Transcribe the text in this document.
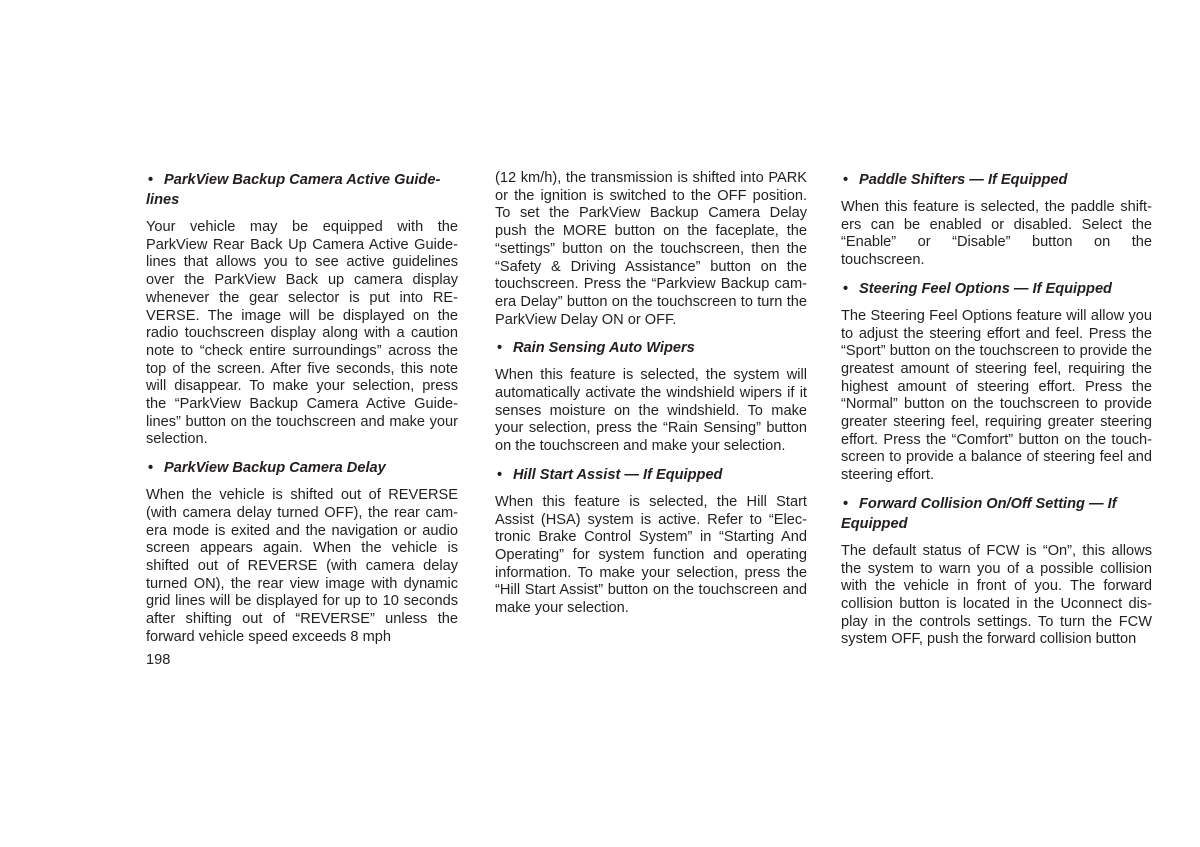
• ParkView Backup Camera Active Guidelines
Your vehicle may be equipped with the ParkView Rear Back Up Camera Active Guidelines that allows you to see active guidelines over the ParkView Back up camera display whenever the gear selector is put into REVERSE. The image will be displayed on the radio touchscreen display along with a caution note to “check entire surroundings” across the top of the screen. After five seconds, this note will disappear. To make your selection, press the “ParkView Backup Camera Active Guidelines” button on the touchscreen and make your selection.
• ParkView Backup Camera Delay
When the vehicle is shifted out of REVERSE (with camera delay turned OFF), the rear camera mode is exited and the navigation or audio screen appears again. When the vehicle is shifted out of REVERSE (with camera delay turned ON), the rear view image with dynamic grid lines will be displayed for up to 10 seconds after shifting out of “REVERSE” unless the forward vehicle speed exceeds 8 mph
(12 km/h), the transmission is shifted into PARK or the ignition is switched to the OFF position. To set the ParkView Backup Camera Delay push the MORE button on the faceplate, the “settings” button on the touchscreen, then the “Safety & Driving Assistance” button on the touchscreen. Press the “Parkview Backup camera Delay” button on the touchscreen to turn the ParkView Delay ON or OFF.
• Rain Sensing Auto Wipers
When this feature is selected, the system will automatically activate the windshield wipers if it senses moisture on the windshield. To make your selection, press the “Rain Sensing” button on the touchscreen and make your selection.
• Hill Start Assist — If Equipped
When this feature is selected, the Hill Start Assist (HSA) system is active. Refer to “Electronic Brake Control System” in “Starting And Operating” for system function and operating information. To make your selection, press the “Hill Start Assist” button on the touchscreen and make your selection.
• Paddle Shifters — If Equipped
When this feature is selected, the paddle shifters can be enabled or disabled. Select the “Enable” or “Disable” button on the touchscreen.
• Steering Feel Options — If Equipped
The Steering Feel Options feature will allow you to adjust the steering effort and feel. Press the “Sport” button on the touchscreen to provide the greatest amount of steering feel, requiring the highest amount of steering effort. Press the “Normal” button on the touchscreen to provide greater steering feel, requiring greater steering effort. Press the “Comfort” button on the touchscreen to provide a balance of steering feel and steering effort.
• Forward Collision On/Off Setting — If Equipped
The default status of FCW is “On”, this allows the system to warn you of a possible collision with the vehicle in front of you. The forward collision button is located in the Uconnect display in the controls settings. To turn the FCW system OFF, push the forward collision button
198
